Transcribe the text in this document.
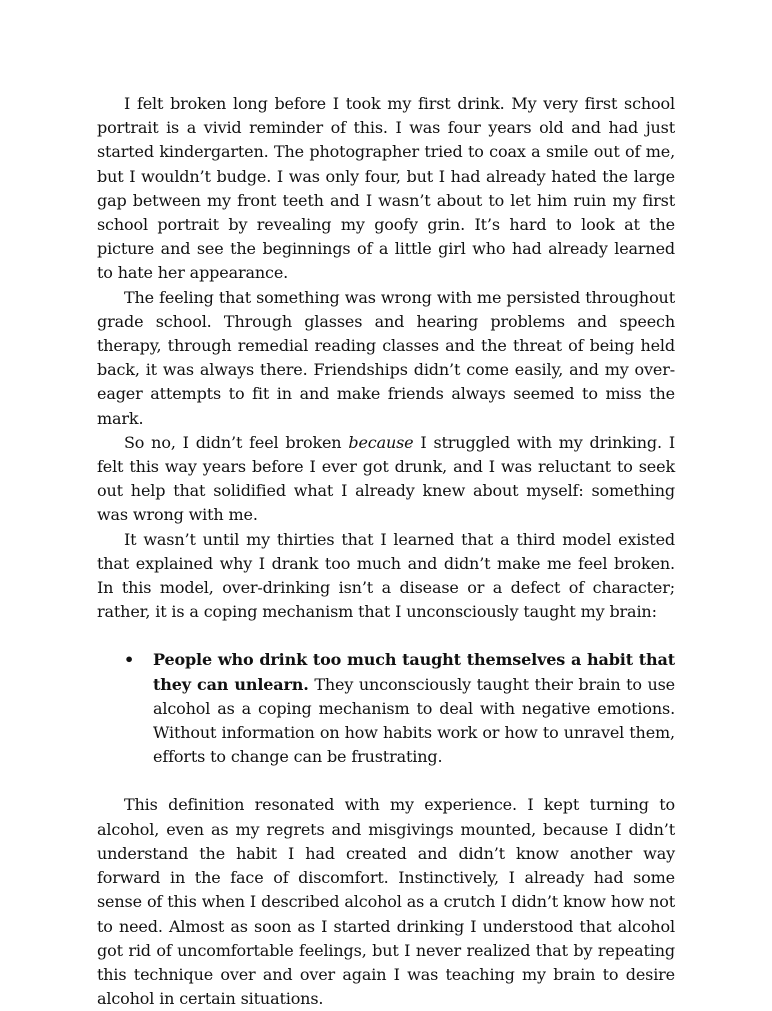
I felt broken long before I took my first drink. My very first school portrait is a vivid reminder of this. I was four years old and had just started kindergarten. The photographer tried to coax a smile out of me, but I wouldn’t budge. I was only four, but I had already hated the large gap between my front teeth and I wasn’t about to let him ruin my first school portrait by revealing my goofy grin. It’s hard to look at the picture and see the beginnings of a little girl who had already learned to hate her appearance.

The feeling that something was wrong with me persisted throughout grade school. Through glasses and hearing problems and speech therapy, through remedial reading classes and the threat of being held back, it was always there. Friendships didn’t come easily, and my over-eager attempts to fit in and make friends always seemed to miss the mark.

So no, I didn’t feel broken because I struggled with my drinking. I felt this way years before I ever got drunk, and I was reluctant to seek out help that solidified what I already knew about myself: something was wrong with me.

It wasn’t until my thirties that I learned that a third model existed that explained why I drank too much and didn’t make me feel broken. In this model, over-drinking isn’t a disease or a defect of character; rather, it is a coping mechanism that I unconsciously taught my brain:

• People who drink too much taught themselves a habit that they can unlearn. They unconsciously taught their brain to use alcohol as a coping mechanism to deal with negative emotions. Without information on how habits work or how to unravel them, efforts to change can be frustrating.

This definition resonated with my experience. I kept turning to alcohol, even as my regrets and misgivings mounted, because I didn’t understand the habit I had created and didn’t know another way forward in the face of discomfort. Instinctively, I already had some sense of this when I described alcohol as a crutch I didn’t know how not to need. Almost as soon as I started drinking I understood that alcohol got rid of uncomfortable feelings, but I never realized that by repeating this technique over and over again I was teaching my brain to desire alcohol in certain situations.
